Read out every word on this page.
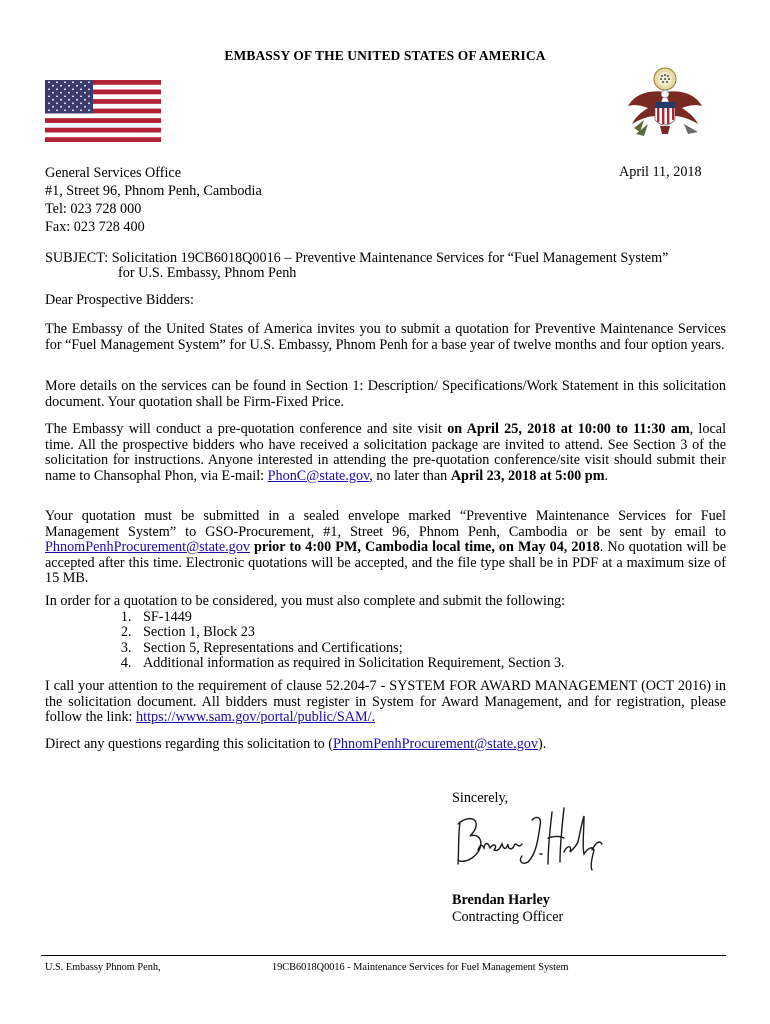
EMBASSY OF THE UNITED STATES OF AMERICA
General Services Office
#1, Street 96, Phnom Penh, Cambodia
Tel: 023 728 000
Fax: 023 728 400
April 11, 2018
SUBJECT: Solicitation 19CB6018Q0016 – Preventive Maintenance Services for “Fuel Management System”
for U.S. Embassy, Phnom Penh
Dear Prospective Bidders:

The Embassy of the United States of America invites you to submit a quotation for Preventive Maintenance Services for “Fuel Management System” for U.S. Embassy, Phnom Penh for a base year of twelve months and four option years.

More details on the services can be found in Section 1: Description/ Specifications/Work Statement in this solicitation document. Your quotation shall be Firm-Fixed Price.

The Embassy will conduct a pre-quotation conference and site visit on April 25, 2018 at 10:00 to 11:30 am, local time. All the prospective bidders who have received a solicitation package are invited to attend. See Section 3 of the solicitation for instructions. Anyone interested in attending the pre-quotation conference/site visit should submit their name to Chansophal Phon, via E-mail: PhonC@state.gov, no later than April 23, 2018 at 5:00 pm.

Your quotation must be submitted in a sealed envelope marked “Preventive Maintenance Services for Fuel Management System” to GSO-Procurement, #1, Street 96, Phnom Penh, Cambodia or be sent by email to PhnomPenhProcurement@state.gov prior to 4:00 PM, Cambodia local time, on May 04, 2018. No quotation will be accepted after this time. Electronic quotations will be accepted, and the file type shall be in PDF at a maximum size of 15 MB.

In order for a quotation to be considered, you must also complete and submit the following:
1. SF-1449
2. Section 1, Block 23
3. Section 5, Representations and Certifications;
4. Additional information as required in Solicitation Requirement, Section 3.

I call your attention to the requirement of clause 52.204-7 - SYSTEM FOR AWARD MANAGEMENT (OCT 2016) in the solicitation document. All bidders must register in System for Award Management, and for registration, please follow the link: https://www.sam.gov/portal/public/SAM/.

Direct any questions regarding this solicitation to (PhnomPenhProcurement@state.gov).

Sincerely,
Brendan Harley
Contracting Officer
U.S. Embassy Phnom Penh,	19CB6018Q0016 - Maintenance Services for Fuel Management System
